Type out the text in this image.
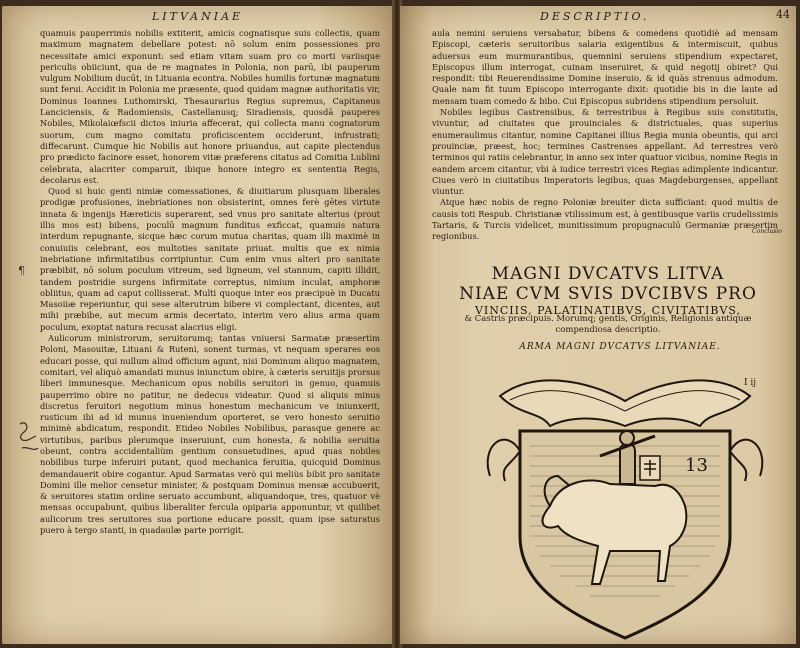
LITVANIAE

quamuis pauperrimis nobilis extiterit, amicis cognatisque suis collectis, quam maximum magnatem debellare potest: nō solum enim possessiones pro necessitate amici exponunt: sed etiam vitam suam pro co morti variisque periculis obiiciunt, qua de re magnates in Polonia, non parū, ibi pauperum vulgum Nobilium ducūt, in Lituania econtra. Nobiles humilis fortunæ magnatum sunt ferui. Accidit in Polonia me præsente, quod quidam magnæ authoritatis vir, Dominus Ioannes Luthomirski, Thesaurarius Regius supremus, Capitaneus Lanciciensis, & Radomiensis, Castellanusq; Siradiensis, quosdā pauperes Nobiles, Mikolaiœfscii dictos iniuria affecerat, qui collecta manu cognatorum suorum, cum magno comitatu proficiscentem occiderunt, infrustrati; diffecarunt. Cumque hic Nobilis aut honore priuandus, aut capite plectendus pro prædicto facinore esset, honorem vitæ præferens citatus ad Comitia Lublini celebrata, alacriter comparuit, ibique honore integro ex sententia Regis, decolarus est.

Quod si huic genti nimiæ comessationes, & diuitiarum plusquam liberales prodigæ profusiones, inebriationes non obsisterint, omnes ferè gētes virtute innata & ingenijs Hæreticis superarent, sed vnus pro sanitate alterius (prout illis mos est) bibens, poculū magnum funditus exficcat, quamuis natura interdum repugnante, sicque hæc corum mutua charitas, quam illi maximè in conuiuiis celebrant, eos multoties sanitate priuat. multis que ex nimia inebriatione infirmitatibus corripiuntur. Cum enim vnus alteri pro sanitate præbibit, nō solum poculum vitreum, sed ligneum, vel stannum, capiti illidit, tandem postridie surgens infirmitate correptus, nimium inculat, amphoræ obliitus, quam ad caput collisserat. Multi quoque inter eos præcipuè in Ducatu Masoiiæ reperiuntur, qui sese alterutrum bibere vi complectant, dicentes, aut mihi præbibe, aut mecum armis decertato, interim vero alius arma quam poculum, exoptat natura recusat alacrius eligi.

Aulicorum ministrorum, seruitorumq; tantas vniuersi Sarmatæ præsertim Poloni, Masouitæ, Lituani & Ruteni, sonent turmas, vt nequam sperares eos educari posse, qui nullum aliud officium agunt, nisi Dominum aliquo magnatem, comitari, vel aliquò amandati munus iniunctum obire, à cæteris seruitijs prorsus liberi immunesque. Mechanicum opus nobilis seruitori in genuo, quamuis pauperrimo obire no patitur, ne dedecus videatur. Quod si aliquis minus discretus feruitori negotium minus honestum mechanicum ve iniunxerit, rusticum ibi ad id munus inueniendum oporteret, se vero honesto seruitio minimè abdicatum, respondit. Etideo Nobiles Nobilibus, parasque genere ac virtutibus, paribus plerumque inseruiunt, cum honesta, & nobilia seruitia obeunt, contra accidentaliùm gentium consuetudines, apud quas nobiles nobilibus turpe inferuiri putant, quod mechanica feruitia, quicquid Dominus demandauerit obire cogantur. Apud Sarmatas verò qui meliùs bibit pro sanitate Domini ille melior censetur minister, & postquam Dominus mensæ accubuerit, & seruitores statim ordine seruato accumbunt, aliquandoque, tres, quatuor vè mensas occupabunt, quibus liberaliter fercula opiparia apponuntur, vt quilibet aulicorum tres seruitores sua portione educare possit, quam ipse saturatus puero à tergo stanti, in quadaulæ parte porrigit.

¶
DESCRIPTIO.	44

aula nemini seruiens versabatur, bibens & comedens quotidiè ad mensam Episcopi, cæteris seruitoribus salaria exigentibus & intermiscuit, quibus aduersus eum murmurantibus, quemnini seruiens stipendium expectaret, Episcopus illum interrogat, cuinam inseruiret, & quid negotij obiret? Qui respondit: tibi Reuerendissime Domine inseruio, & id quàs strenuus admodum. Quale nam fit tuum Episcopo interrogante dixit: quotidie bis in die laute ad mensam tuam comedo & bibo. Cui Episcopus subridens stipendium persoluit.

Nobiles legibus Castrensibus, & terrestribus à Regibus suis constitutis, vivuntur, ad ciuitates que prouinciales & districtuales, quas superius enumeraulimus citantur, nomine Capitanei illius Regia munia obeuntis, qui arci prouinciæ, præest, hoc; termines Castrenses appellant. Ad terrestres verò terminos qui ratiis celebrantur, in anno sex inter quatuor vicibus, nomine Regis in eandem arcem citantur, vbi à iudice terrestri vices Regias adimplente indicantur. Ciues verò in ciuitatibus Imperatoris legibus, quas Magdeburgenses, appellant viuntur.

Atque hæc nobis de regno Poloniæ breuiter dicta sufficiant: quod multis de causis toti Respub. Christianæ vtilissimum est, à gentibusque variis crudelissimis Tartaris, & Turcis videlicet, munitissimum propugnaculū Germaniæ præsertim regionibus.	Conclusio
MAGNI DVCATVS LITVA
NIAE CVM SVIS DVCIBVS PRO
VINCIIS, PALATINATIBVS, CIVITATIBVS,
& Castris præcipuis. Morumq; gentis, Originis, Religionis antiquæ compendiosa descriptio.
ARMA MAGNI DVCATVS LITVANIAE.
13
I ij
